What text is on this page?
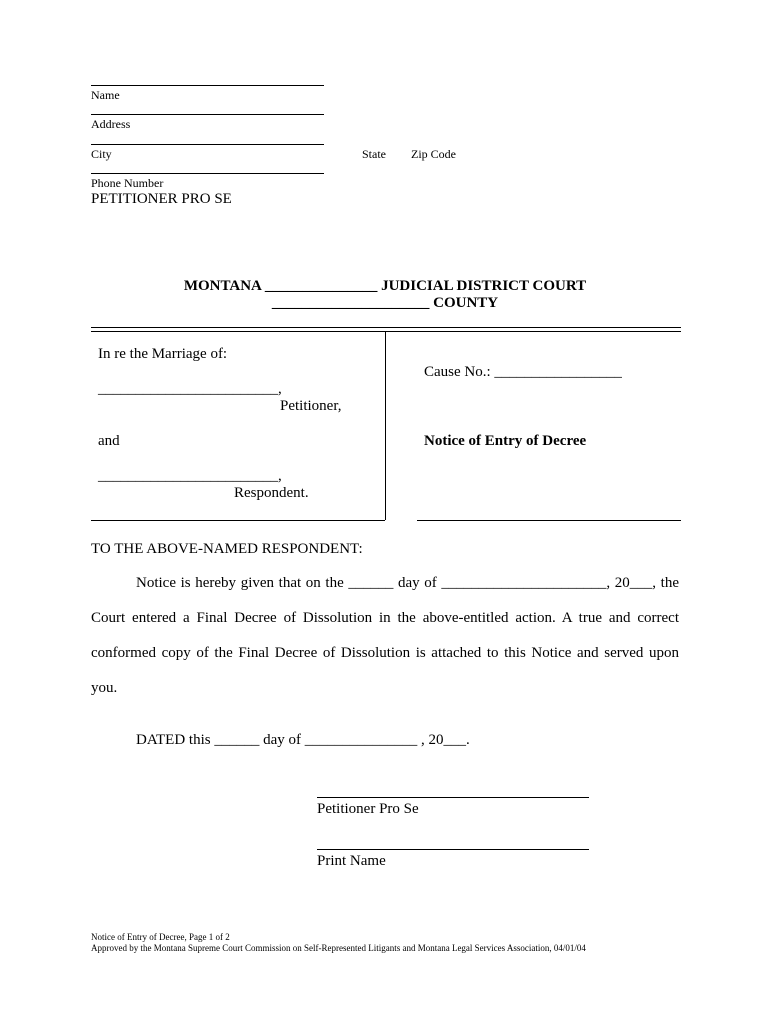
Name
Address
City	State Zip Code
Phone Number
PETITIONER PRO SE
MONTANA _______________ JUDICIAL DISTRICT COURT
_____________________ COUNTY
In re the Marriage of:
________________________,
Petitioner,
and
________________________,
Respondent.
Cause No.: _________________
Notice of Entry of Decree
TO THE ABOVE-NAMED RESPONDENT:
Notice is hereby given that on the ______ day of ______________________, 20___, the
Court entered a Final Decree of Dissolution in the above-entitled action. A true and correct
conformed copy of the Final Decree of Dissolution is attached to this Notice and served upon
you.
DATED this ______ day of _______________ , 20___.
Petitioner Pro Se
Print Name
Notice of Entry of Decree, Page 1 of 2
Approved by the Montana Supreme Court Commission on Self-Represented Litigants and Montana Legal Services Association, 04/01/04
